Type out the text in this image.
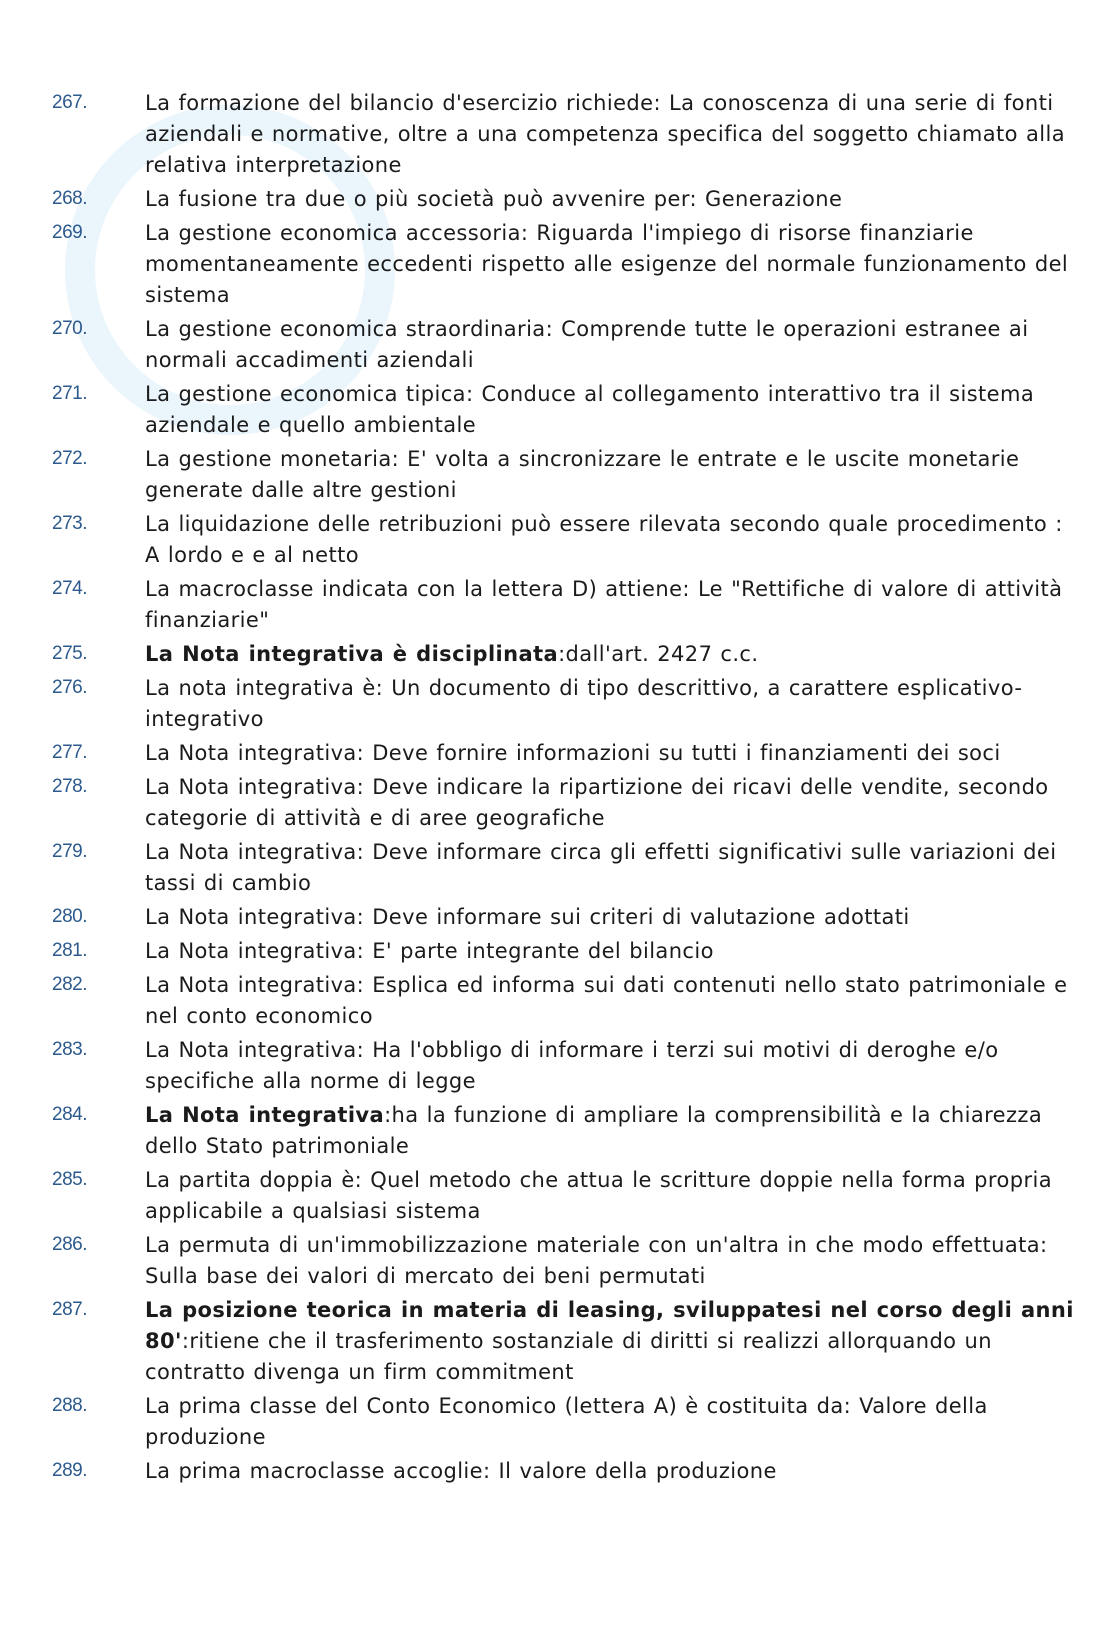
267.	La formazione del bilancio d'esercizio richiede: La conoscenza di una serie di fonti aziendali e normative, oltre a una competenza specifica del soggetto chiamato alla relativa interpretazione
268.	La fusione tra due o più società può avvenire per: Generazione
269.	La gestione economica accessoria: Riguarda l'impiego di risorse finanziarie momentaneamente eccedenti rispetto alle esigenze del normale funzionamento del sistema
270.	La gestione economica straordinaria: Comprende tutte le operazioni estranee ai normali accadimenti aziendali
271.	La gestione economica tipica: Conduce al collegamento interattivo tra il sistema aziendale e quello ambientale
272.	La gestione monetaria: E' volta a sincronizzare le entrate e le uscite monetarie generate dalle altre gestioni
273.	La liquidazione delle retribuzioni può essere rilevata secondo quale procedimento : A lordo e e al netto
274.	La macroclasse indicata con la lettera D) attiene: Le "Rettifiche di valore di attività finanziarie"
275.	La Nota integrativa è disciplinata:dall'art. 2427 c.c.
276.	La nota integrativa è: Un documento di tipo descrittivo, a carattere esplicativo-integrativo
277.	La Nota integrativa: Deve fornire informazioni su tutti i finanziamenti dei soci
278.	La Nota integrativa: Deve indicare la ripartizione dei ricavi delle vendite, secondo categorie di attività e di aree geografiche
279.	La Nota integrativa: Deve informare circa gli effetti significativi sulle variazioni dei tassi di cambio
280.	La Nota integrativa: Deve informare sui criteri di valutazione adottati
281.	La Nota integrativa: E' parte integrante del bilancio
282.	La Nota integrativa: Esplica ed informa sui dati contenuti nello stato patrimoniale e nel conto economico
283.	La Nota integrativa: Ha l'obbligo di informare i terzi sui motivi di deroghe e/o specifiche alla norme di legge
284.	La Nota integrativa:ha la funzione di ampliare la comprensibilità e la chiarezza dello Stato patrimoniale
285.	La partita doppia è: Quel metodo che attua le scritture doppie nella forma propria applicabile a qualsiasi sistema
286.	La permuta di un'immobilizzazione materiale con un'altra in che modo effettuata: Sulla base dei valori di mercato dei beni permutati
287.	La posizione teorica in materia di leasing, sviluppatesi nel corso degli anni 80':ritiene che il trasferimento sostanziale di diritti si realizzi allorquando un contratto divenga un firm commitment
288.	La prima classe del Conto Economico (lettera A) è costituita da: Valore della produzione
289.	La prima macroclasse accoglie: Il valore della produzione
